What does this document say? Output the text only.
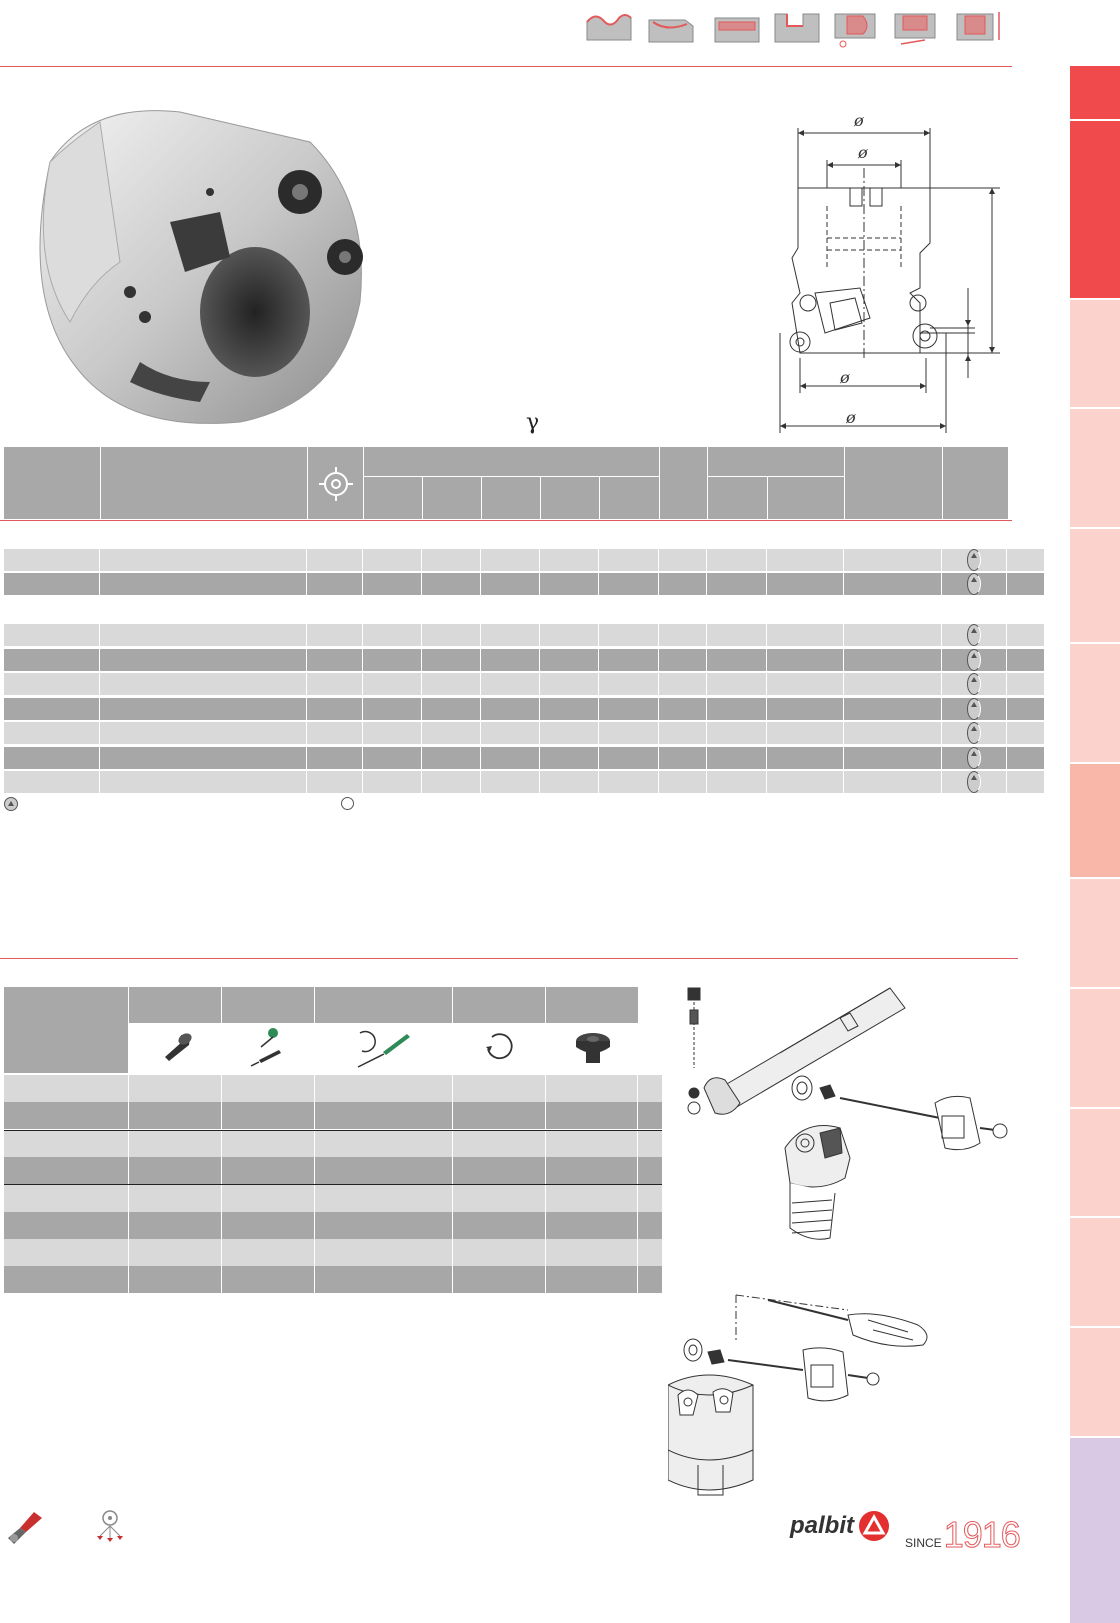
ø
ø
ø
ø
γ
palbit
SINCE 1916
